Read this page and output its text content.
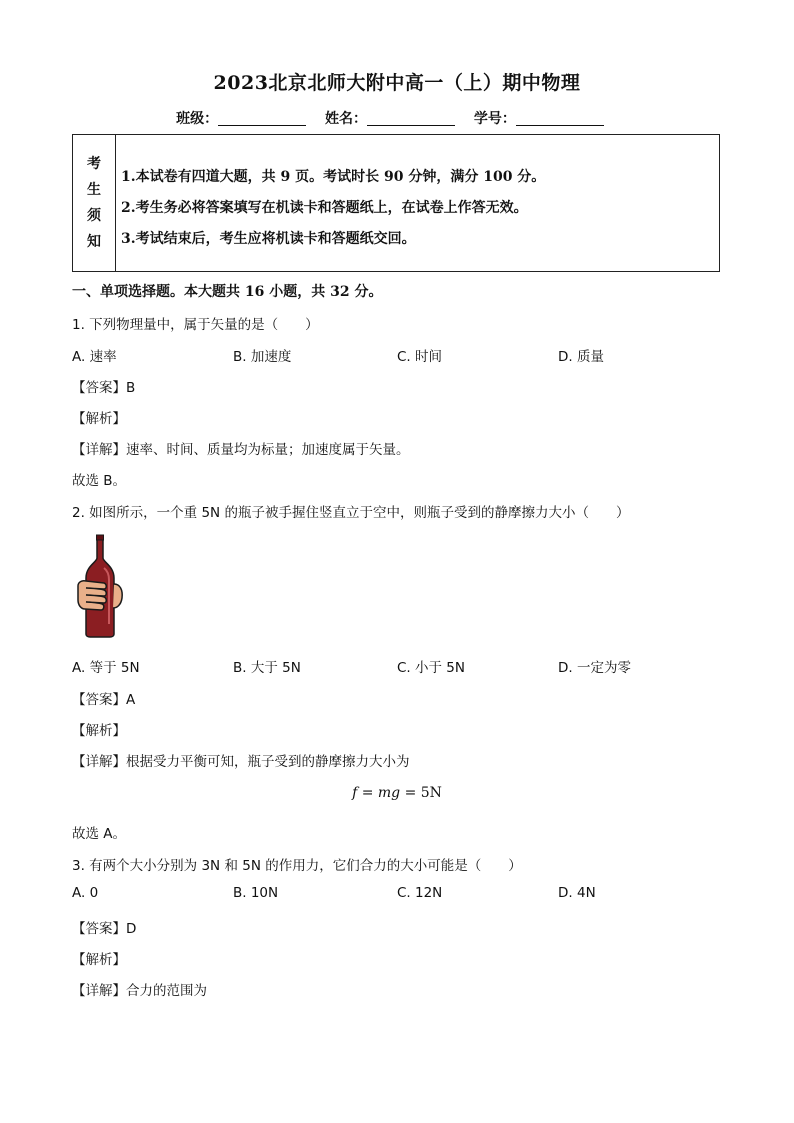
2023北京北师大附中高一（上）期中物理
班级：	姓名：	学号：
考
生
须
知
1.本试卷有四道大题，共 9 页。考试时长 90 分钟，满分 100 分。
2.考生务必将答案填写在机读卡和答题纸上，在试卷上作答无效。
3.考试结束后，考生应将机读卡和答题纸交回。
一、单项选择题。本大题共 16 小题，共 32 分。
1. 下列物理量中，属于矢量的是（　　）
A. 速率	B. 加速度	C. 时间	D. 质量
【答案】B
【解析】
【详解】速率、时间、质量均为标量；加速度属于矢量。
故选 B。
2. 如图所示，一个重 5N 的瓶子被手握住竖直立于空中，则瓶子受到的静摩擦力大小（　　）
A. 等于 5N	B. 大于 5N	C. 小于 5N	D. 一定为零
【答案】A
【解析】
【详解】根据受力平衡可知，瓶子受到的静摩擦力大小为
f = mg = 5N
故选 A。
3. 有两个大小分别为 3N 和 5N 的作用力，它们合力的大小可能是（　　）
A. 0	B. 10N	C. 12N	D. 4N
【答案】D
【解析】
【详解】合力的范围为
